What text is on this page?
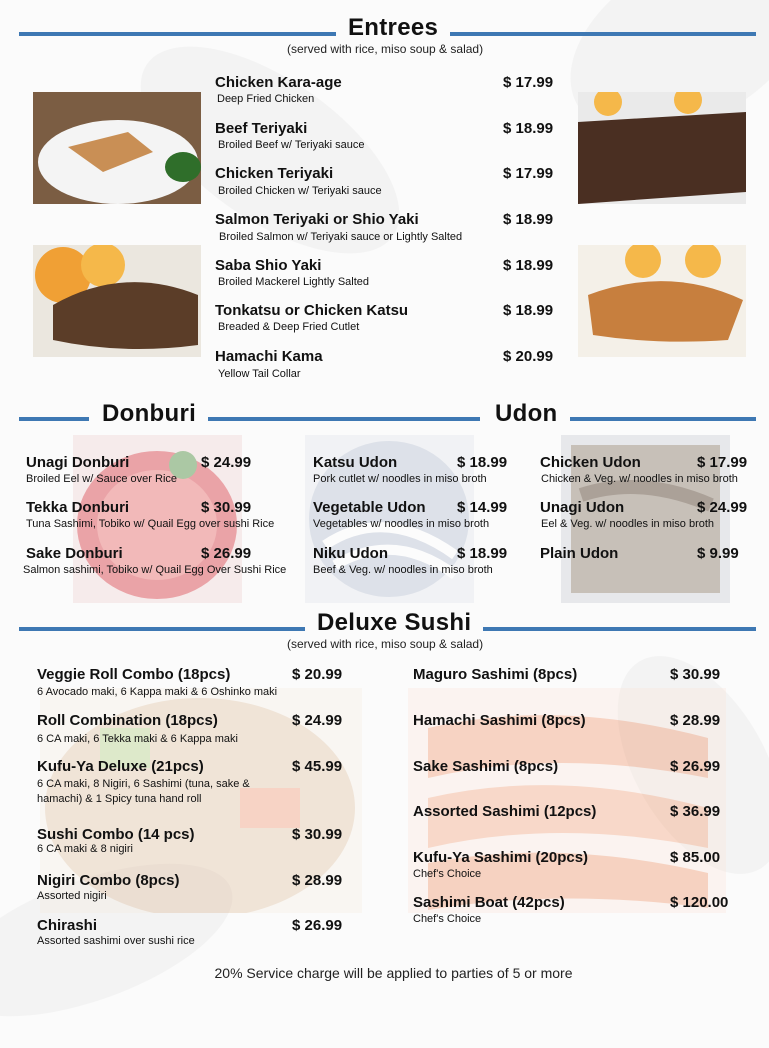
Entrees
(served with rice, miso soup & salad)
Chicken Kara-age
Deep Fried Chicken
$ 17.99
Beef Teriyaki
Broiled Beef w/ Teriyaki sauce
$ 18.99
Chicken Teriyaki
Broiled Chicken w/ Teriyaki sauce
$ 17.99
Salmon Teriyaki or Shio Yaki
Broiled Salmon w/ Teriyaki sauce or Lightly Salted
$ 18.99
Saba Shio Yaki
Broiled Mackerel Lightly Salted
$ 18.99
Tonkatsu or Chicken Katsu
Breaded & Deep Fried Cutlet
$ 18.99
Hamachi Kama
Yellow Tail Collar
$ 20.99
Donburi	Udon
Unagi Donburi
Broiled Eel w/ Sauce over Rice
$ 24.99
Tekka Donburi
Tuna Sashimi, Tobiko w/ Quail Egg over sushi Rice
$ 30.99
Sake Donburi
Salmon sashimi, Tobiko w/ Quail Egg Over Sushi Rice
$ 26.99
Katsu Udon
Pork cutlet w/ noodles in miso broth
$ 18.99
Vegetable Udon
Vegetables w/ noodles in miso broth
$ 14.99
Niku Udon
Beef & Veg. w/ noodles in miso broth
$ 18.99
Chicken Udon
Chicken & Veg. w/ noodles in miso broth
$ 17.99
Unagi Udon
Eel & Veg. w/ noodles in miso broth
$ 24.99
Plain Udon	$ 9.99
Deluxe Sushi
(served with rice, miso soup & salad)
Veggie Roll Combo (18pcs)
6 Avocado maki, 6 Kappa maki & 6 Oshinko maki
$ 20.99
Roll Combination (18pcs)
6 CA maki, 6 Tekka maki & 6 Kappa maki
$ 24.99
Kufu-Ya Deluxe (21pcs)
6 CA maki, 8 Nigiri, 6 Sashimi (tuna, sake &
hamachi) & 1 Spicy tuna hand roll
$ 45.99
Sushi Combo (14 pcs)
6 CA maki & 8 nigiri
$ 30.99
Nigiri Combo (8pcs)
Assorted nigiri
$ 28.99
Chirashi
Assorted sashimi over sushi rice
$ 26.99
Maguro Sashimi (8pcs)	$ 30.99
Hamachi Sashimi (8pcs)	$ 28.99
Sake Sashimi (8pcs)	$ 26.99
Assorted Sashimi (12pcs)	$ 36.99
Kufu-Ya Sashimi (20pcs)
Chef's Choice
$ 85.00
Sashimi Boat (42pcs)
Chef's Choice
$ 120.00
20% Service charge will be applied to parties of 5 or more
